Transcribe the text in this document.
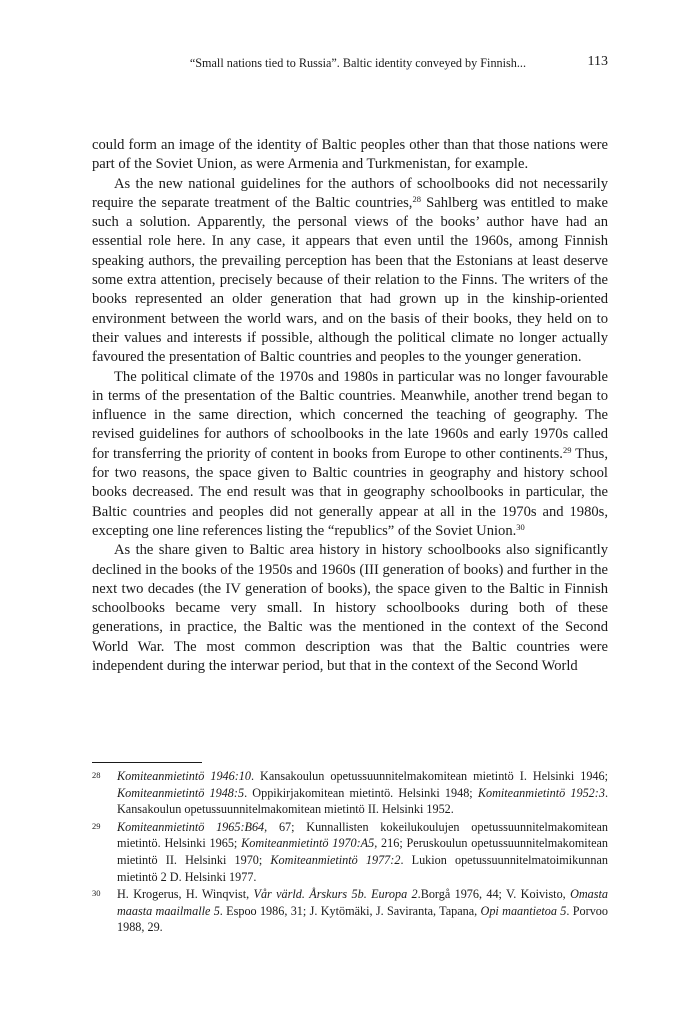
“Small nations tied to Russia”. Baltic identity conveyed by Finnish...	113

could form an image of the identity of Baltic peoples other than that those nations were part of the Soviet Union, as were Armenia and Turkmenistan, for example.

As the new national guidelines for the authors of schoolbooks did not necessarily require the separate treatment of the Baltic countries,$^{28}$ Sahlberg was entitled to make such a solution. Apparently, the personal views of the books’ author have had an essential role here. In any case, it appears that even until the 1960s, among Finnish speaking authors, the prevailing perception has been that the Estonians at least deserve some extra attention, precisely because of their relation to the Finns. The writers of the books represented an older generation that had grown up in the kinship-oriented environment between the world wars, and on the basis of their books, they held on to their values and interests if possible, although the political climate no longer actually favoured the presentation of Baltic countries and peoples to the younger generation.

The political climate of the 1970s and 1980s in particular was no longer favourable in terms of the presentation of the Baltic countries. Meanwhile, another trend began to influence in the same direction, which concerned the teaching of geography. The revised guidelines for authors of schoolbooks in the late 1960s and early 1970s called for transferring the priority of content in books from Europe to other continents.$^{29}$ Thus, for two reasons, the space given to Baltic countries in geography and history school books decreased. The end result was that in geography schoolbooks in particular, the Baltic countries and peoples did not generally appear at all in the 1970s and 1980s, excepting one line references listing the “republics” of the Soviet Union.$^{30}$

As the share given to Baltic area history in history schoolbooks also significantly declined in the books of the 1950s and 1960s (III generation of books) and further in the next two decades (the IV generation of books), the space given to the Baltic in Finnish schoolbooks became very small. In history schoolbooks during both of these generations, in practice, the Baltic was the mentioned in the context of the Second World War. The most common description was that the Baltic countries were independent during the interwar period, but that in the context of the Second World

28 Komiteanmietintö 1946:10. Kansakoulun opetussuunnitelmakomitean mietintö I. Helsinki 1946; Komiteanmietintö 1948:5. Oppikirjakomitean mietintö. Helsinki 1948; Komiteanmietintö 1952:3. Kansakoulun opetussuunnitelmakomitean mietintö II. Helsinki 1952.
29 Komiteanmietintö 1965:B64, 67; Kunnallisten kokeilukoulujen opetussuunnitelmakomitean mietintö. Helsinki 1965; Komiteanmietintö 1970:A5, 216; Peruskoulun opetussuunnitelmakomitean mietintö II. Helsinki 1970; Komiteanmietintö 1977:2. Lukion opetussuunnitelmatoimikunnan mietintö 2 D. Helsinki 1977.
30 H. Krogerus, H. Winqvist, Vår värld. Årskurs 5b. Europa 2.Borgå 1976, 44; V. Koivisto, Omasta maasta maailmalle 5. Espoo 1986, 31; J. Kytömäki, J. Saviranta, Tapana, Opi maantietoa 5. Porvoo 1988, 29.
